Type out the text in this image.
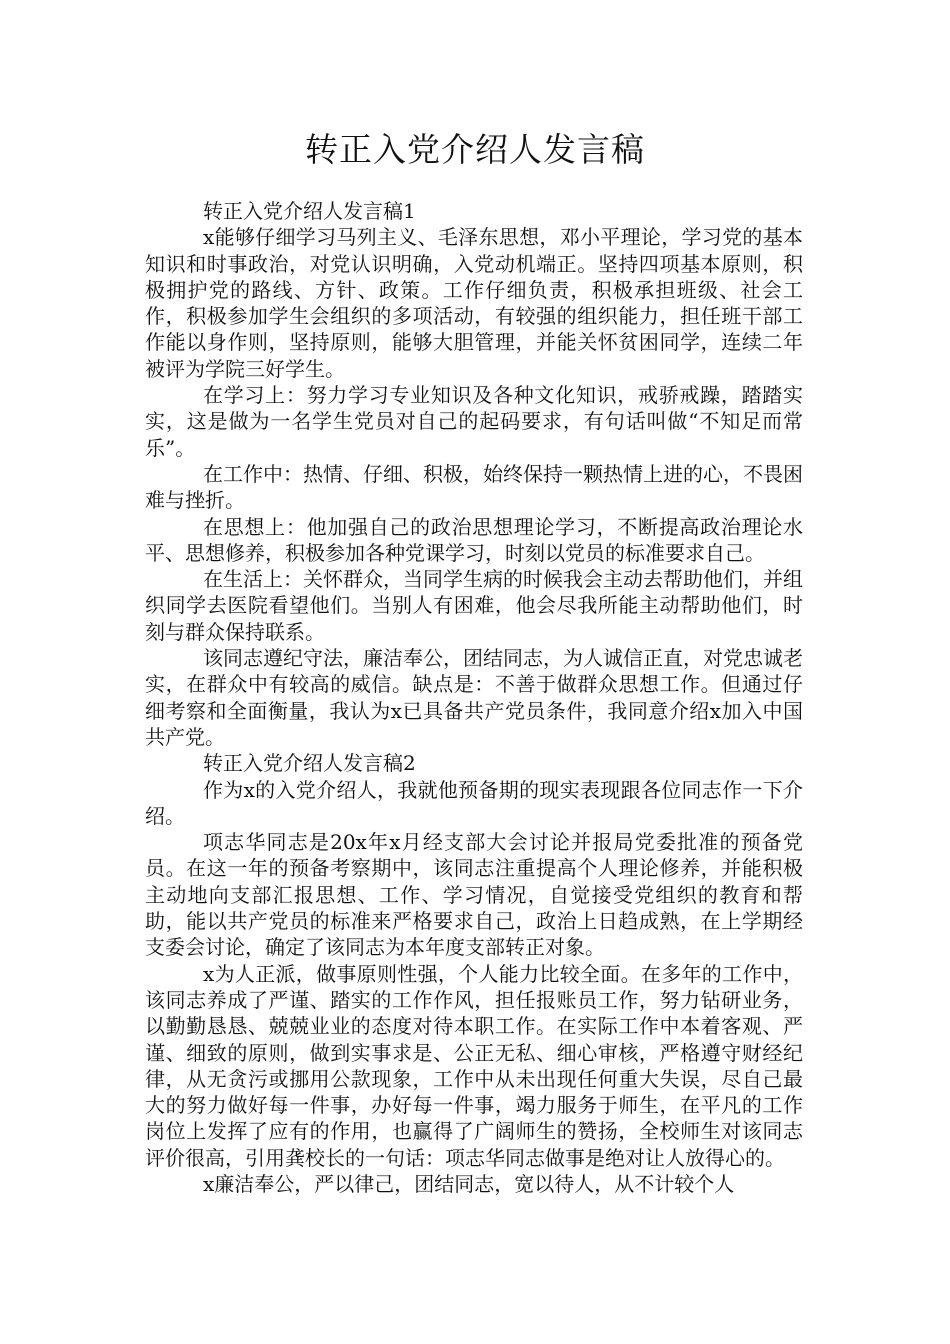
转正入党介绍人发言稿

转正入党介绍人发言稿1

x能够仔细学习马列主义、毛泽东思想，邓小平理论，学习党的基本知识和时事政治，对党认识明确，入党动机端正。坚持四项基本原则，积极拥护党的路线、方针、政策。工作仔细负责，积极承担班级、社会工作，积极参加学生会组织的多项活动，有较强的组织能力，担任班干部工作能以身作则，坚持原则，能够大胆管理，并能关怀贫困同学，连续二年被评为学院三好学生。

在学习上：努力学习专业知识及各种文化知识，戒骄戒躁，踏踏实实，这是做为一名学生党员对自己的起码要求，有句话叫做“不知足而常乐”。

在工作中：热情、仔细、积极，始终保持一颗热情上进的心，不畏困难与挫折。

在思想上：他加强自己的政治思想理论学习，不断提高政治理论水平、思想修养，积极参加各种党课学习，时刻以党员的标准要求自己。

在生活上：关怀群众，当同学生病的时候我会主动去帮助他们，并组织同学去医院看望他们。当别人有困难，他会尽我所能主动帮助他们，时刻与群众保持联系。

该同志遵纪守法，廉洁奉公，团结同志，为人诚信正直，对党忠诚老实，在群众中有较高的威信。缺点是：不善于做群众思想工作。但通过仔细考察和全面衡量，我认为x已具备共产党员条件，我同意介绍x加入中国共产党。

转正入党介绍人发言稿2

作为x的入党介绍人，我就他预备期的现实表现跟各位同志作一下介绍。

项志华同志是20x年x月经支部大会讨论并报局党委批准的预备党员。在这一年的预备考察期中，该同志注重提高个人理论修养，并能积极主动地向支部汇报思想、工作、学习情况，自觉接受党组织的教育和帮助，能以共产党员的标准来严格要求自己，政治上日趋成熟，在上学期经支委会讨论，确定了该同志为本年度支部转正对象。

x为人正派，做事原则性强，个人能力比较全面。在多年的工作中，该同志养成了严谨、踏实的工作作风，担任报账员工作，努力钻研业务，以勤勤恳恳、兢兢业业的态度对待本职工作。在实际工作中本着客观、严谨、细致的原则，做到实事求是、公正无私、细心审核，严格遵守财经纪律，从无贪污或挪用公款现象，工作中从未出现任何重大失误，尽自己最大的努力做好每一件事，办好每一件事，竭力服务于师生，在平凡的工作岗位上发挥了应有的作用，也赢得了广阔师生的赞扬，全校师生对该同志评价很高，引用龚校长的一句话：项志华同志做事是绝对让人放得心的。

x廉洁奉公，严以律己，团结同志，宽以待人，从不计较个人
